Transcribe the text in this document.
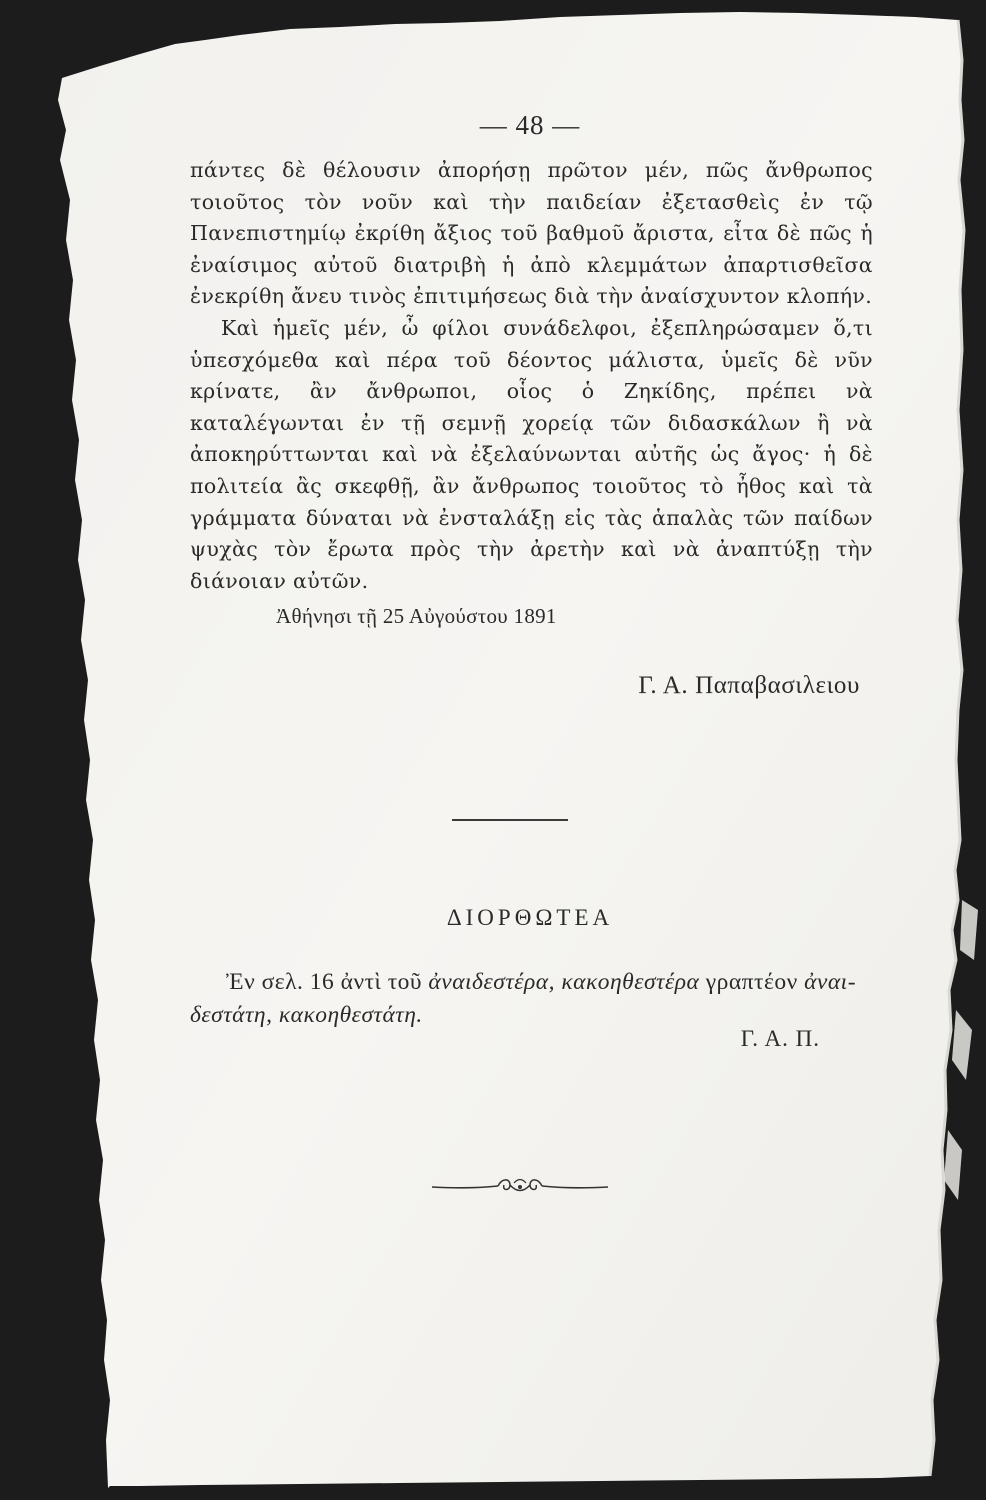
— 48 —

πάντες δὲ θέλουσιν ἀπορήσῃ πρῶτον μέν, πῶς ἄνθρωπος τοιοῦτος τὸν νοῦν καὶ τὴν παιδείαν ἐξετασθεὶς ἐν τῷ Πανεπιστημίῳ ἐκρίθη ἄξιος τοῦ βαθμοῦ ἄριστα, εἶτα δὲ πῶς ἡ ἐναίσιμος αὐτοῦ διατριβὴ ἡ ἀπὸ κλεμμάτων ἀπαρτισθεῖσα ἐνεκρίθη ἄνευ τινὸς ἐπιτιμήσεως διὰ τὴν ἀναίσχυντον κλοπήν.

Καὶ ἡμεῖς μέν, ὦ φίλοι συνάδελφοι, ἐξεπληρώσαμεν ὅ,τι ὑπεσχόμεθα καὶ πέρα τοῦ δέοντος μάλιστα, ὑμεῖς δὲ νῦν κρίνατε, ἂν ἄνθρωποι, οἷος ὁ Ζηκίδης, πρέπει νὰ καταλέγωνται ἐν τῇ σεμνῇ χορείᾳ τῶν διδασκάλων ἢ νὰ ἀποκηρύττωνται καὶ νὰ ἐξελαύνωνται αὐτῆς ὡς ἄγος· ἡ δὲ πολιτεία ἂς σκεφθῇ, ἂν ἄνθρωπος τοιοῦτος τὸ ἦθος καὶ τὰ γράμματα δύναται νὰ ἐνσταλάξῃ εἰς τὰς ἁπαλὰς τῶν παίδων ψυχὰς τὸν ἔρωτα πρὸς τὴν ἀρετὴν καὶ νὰ ἀναπτύξῃ τὴν διάνοιαν αὐτῶν.

Ἀθήνησι τῇ 25 Αὐγούστου 1891
Γ. Α. Παπαβασιλειου
ΔΙΟΡΘΩΤΕΑ
Ἐν σελ. 16 ἀντὶ τοῦ ἀναιδεστέρα, κακοηθεστέρα γραπτέον ἀναι-
δεστάτη, κακοηθεστάτη.
Γ. Α. Π.
